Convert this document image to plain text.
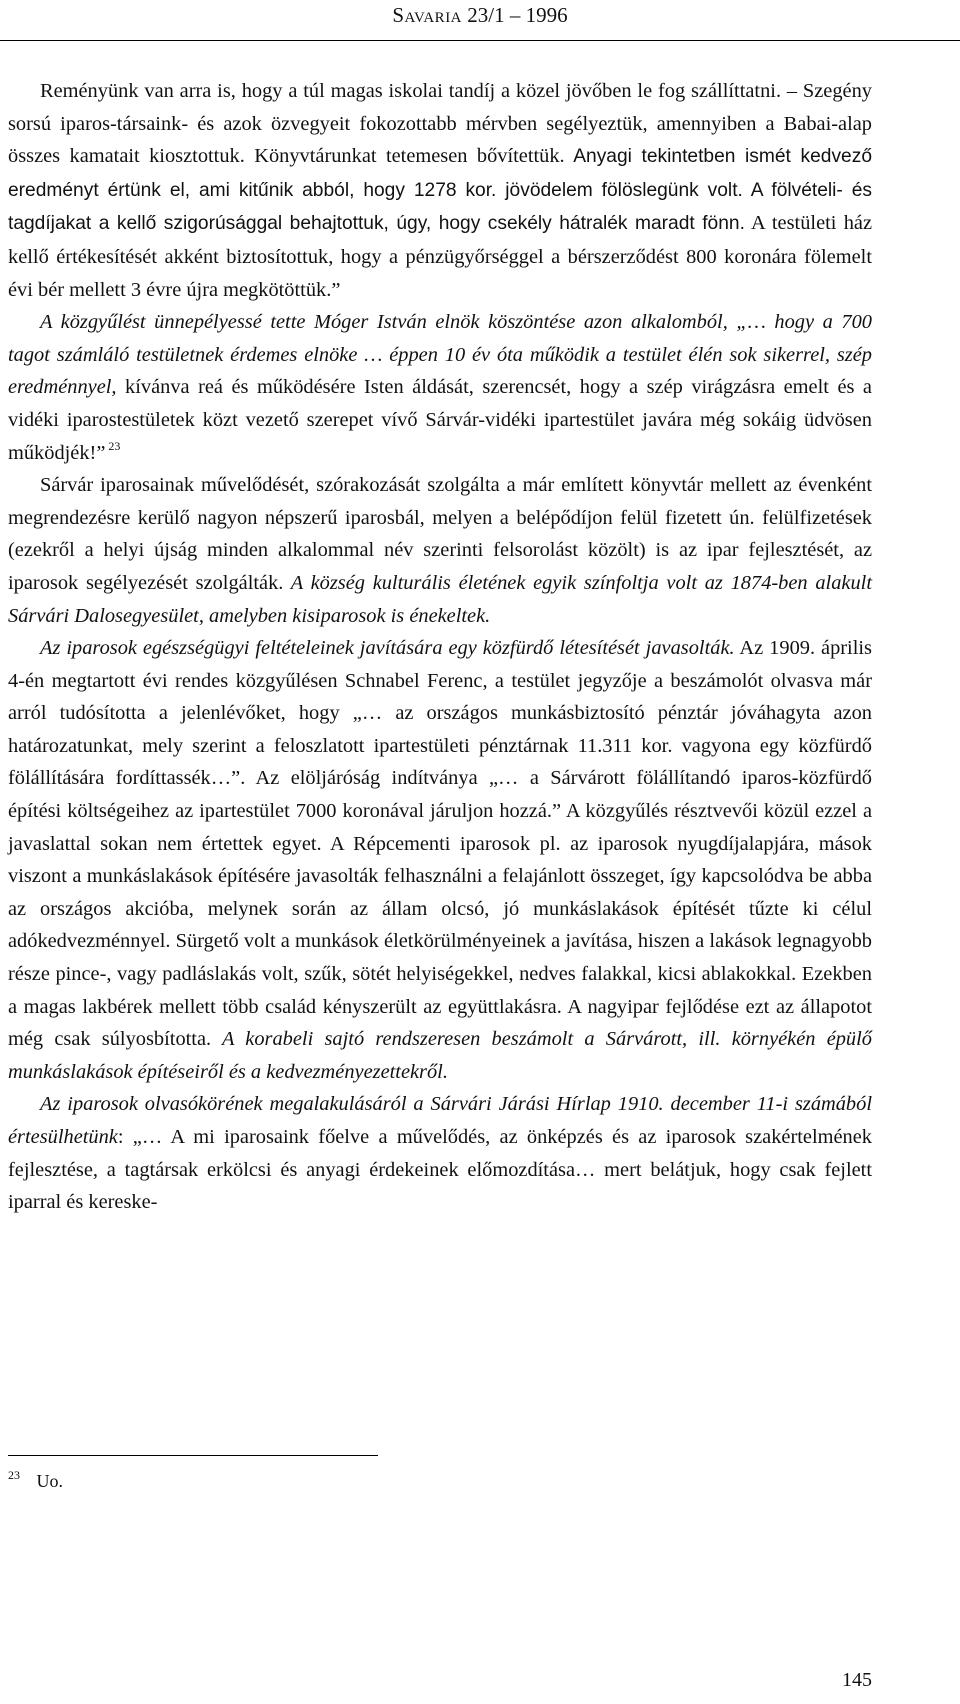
Savaria 23/1 – 1996

Reményünk van arra is, hogy a túl magas iskolai tandíj a közel jövőben le fog szállíttatni. – Szegény sorsú iparos-társaink- és azok özvegyeit fokozottabb mérvben segélyeztük, amennyiben a Babai-alap összes kamatait kiosztottuk. Könyvtárunkat tetemesen bővítettük. Anyagi tekintetben ismét kedvező eredményt értünk el, ami kitűnik abból, hogy 1278 kor. jövödelem fölöslegünk volt. A fölvételi- és tagdíjakat a kellő szigorúsággal behajtottuk, úgy, hogy csekély hátralék maradt fönn. A testületi ház kellő értékesítését akként biztosítottuk, hogy a pénzügyőrséggel a bérszerződést 800 koronára fölemelt évi bér mellett 3 évre újra megkötöttük.”

A közgyűlést ünnepélyessé tette Móger István elnök köszöntése azon alkalomból, „… hogy a 700 tagot számláló testületnek érdemes elnöke … éppen 10 év óta működik a testület élén sok sikerrel, szép eredménnyel, kívánva reá és működésére Isten áldását, szerencsét, hogy a szép virágzásra emelt és a vidéki iparostestületek közt vezető szerepet vívő Sárvár-vidéki ipartestület javára még sokáig üdvösen működjék!” $^{23}$

Sárvár iparosainak művelődését, szórakozását szolgálta a már említett könyvtár mellett az évenként megrendezésre kerülő nagyon népszerű iparosbál, melyen a belépődíjon felül fizetett ún. felülfizetések (ezekről a helyi újság minden alkalommal név szerinti felsorolást közölt) is az ipar fejlesztését, az iparosok segélyezését szolgálták. A község kulturális életének egyik színfoltja volt az 1874-ben alakult Sárvári Dalosegyesület, amelyben kisiparosok is énekeltek.

Az iparosok egészségügyi feltételeinek javítására egy közfürdő létesítését javasolták. Az 1909. április 4-én megtartott évi rendes közgyűlésen Schnabel Ferenc, a testület jegyzője a beszámolót olvasva már arról tudósította a jelenlévőket, hogy „… az országos munkásbiztosító pénztár jóváhagyta azon határozatunkat, mely szerint a feloszlatott ipartestületi pénztárnak 11.311 kor. vagyona egy közfürdő fölállítására fordíttassék…”. Az elöljáróság indítványa „… a Sárvárott fölállítandó iparos-közfürdő építési költségeihez az ipartestület 7000 koronával járuljon hozzá.” A közgyűlés résztvevői közül ezzel a javaslattal sokan nem értettek egyet. A Répcementi iparosok pl. az iparosok nyugdíjalapjára, mások viszont a munkáslakások építésére javasolták felhasználni a felajánlott összeget, így kapcsolódva be abba az országos akcióba, melynek során az állam olcsó, jó munkáslakások építését tűzte ki célul adókedvezménnyel. Sürgető volt a munkások életkörülményeinek a javítása, hiszen a lakások legnagyobb része pince-, vagy padláslakás volt, szűk, sötét helyiségekkel, nedves falakkal, kicsi ablakokkal. Ezekben a magas lakbérek mellett több család kényszerült az együttlakásra. A nagyipar fejlődése ezt az állapotot még csak súlyosbította. A korabeli sajtó rendszeresen beszámolt a Sárvárott, ill. környékén épülő munkáslakások építéseiről és a kedvezményezettekről.

Az iparosok olvasókörének megalakulásáról a Sárvári Járási Hírlap 1910. december 11-i számából értesülhetünk: „… A mi iparosaink főelve a művelődés, az önképzés és az iparosok szakértelmének fejlesztése, a tagtársak erkölcsi és anyagi érdekeinek előmozdítása… mert belátjuk, hogy csak fejlett iparral és kereske-

$^{23}$ Uo.
145
